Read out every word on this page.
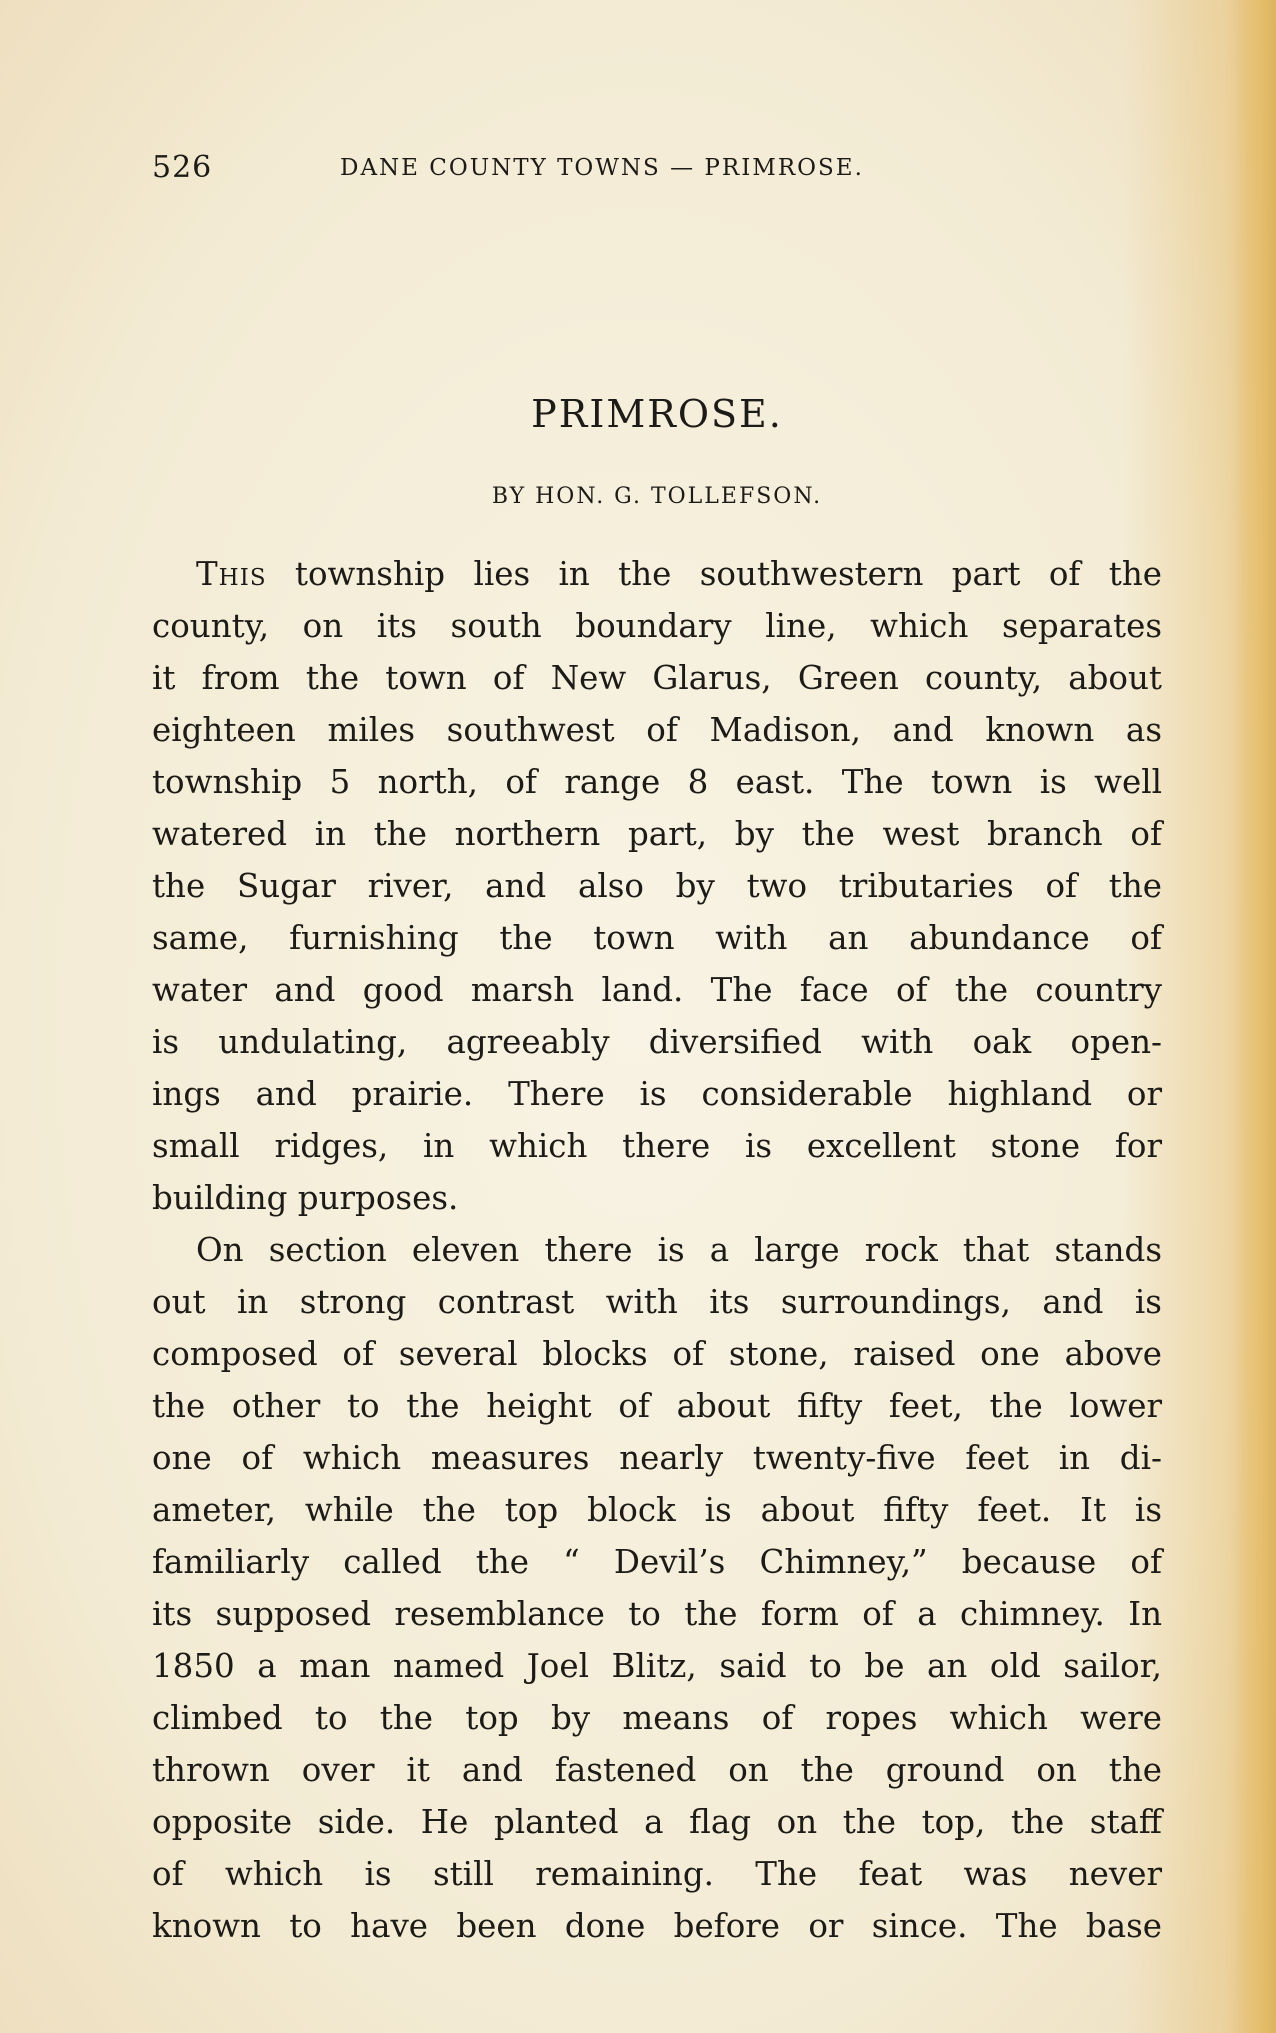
526	DANE COUNTY TOWNS — PRIMROSE.
PRIMROSE.
BY HON. G. TOLLEFSON.
This township lies in the southwestern part of the
county, on its south boundary line, which separates
it from the town of New Glarus, Green county, about
eighteen miles southwest of Madison, and known as
township 5 north, of range 8 east. The town is well
watered in the northern part, by the west branch of
the Sugar river, and also by two tributaries of the
same, furnishing the town with an abundance of
water and good marsh land. The face of the country
is undulating, agreeably diversified with oak open-
ings and prairie. There is considerable highland or
small ridges, in which there is excellent stone for
building purposes.
On section eleven there is a large rock that stands
out in strong contrast with its surroundings, and is
composed of several blocks of stone, raised one above
the other to the height of about fifty feet, the lower
one of which measures nearly twenty-five feet in di-
ameter, while the top block is about fifty feet. It is
familiarly called the “ Devil’s Chimney,” because of
its supposed resemblance to the form of a chimney. In
1850 a man named Joel Blitz, said to be an old sailor,
climbed to the top by means of ropes which were
thrown over it and fastened on the ground on the
opposite side. He planted a flag on the top, the staff
of which is still remaining. The feat was never
known to have been done before or since. The base
